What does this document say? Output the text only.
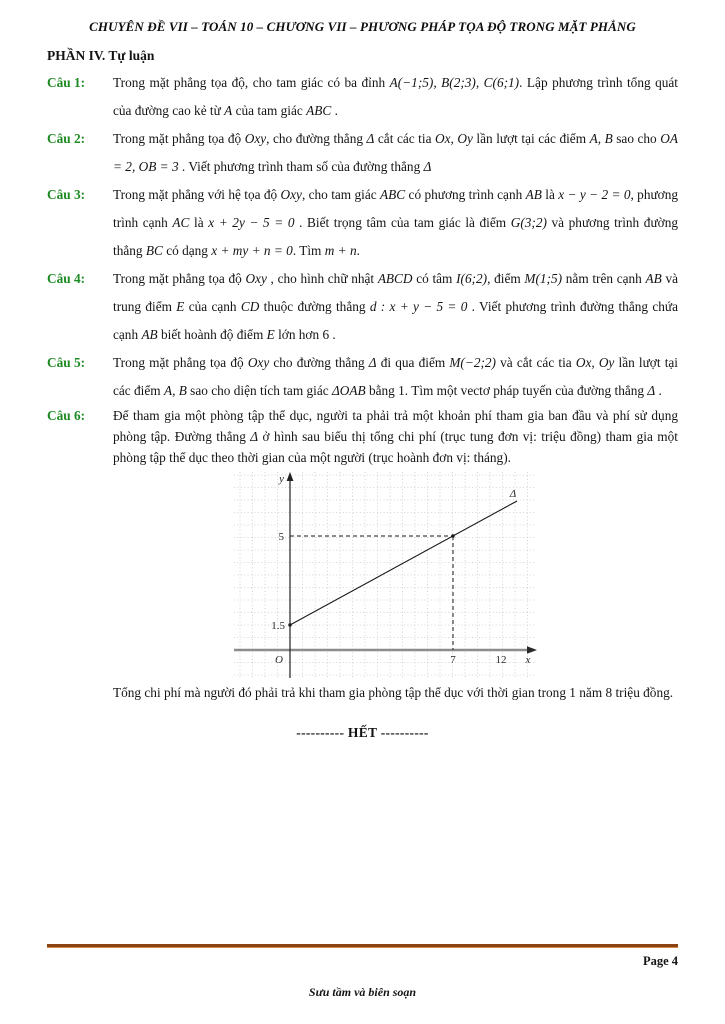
CHUYÊN ĐỀ VII – TOÁN 10 – CHƯƠNG VII – PHƯƠNG PHÁP TỌA ĐỘ TRONG MẶT PHẲNG
PHẦN IV. Tự luận
Câu 1:	Trong mặt phẳng tọa độ, cho tam giác có ba đỉnh A(−1;5), B(2;3), C(6;1). Lập phương trình tổng quát của đường cao kẻ từ A của tam giác ABC .
Câu 2:	Trong mặt phẳng tọa độ Oxy, cho đường thẳng Δ cắt các tia Ox, Oy lần lượt tại các điểm A, B sao cho OA = 2, OB = 3 . Viết phương trình tham số của đường thẳng Δ
Câu 3:	Trong mặt phẳng với hệ tọa độ Oxy, cho tam giác ABC có phương trình cạnh AB là x − y − 2 = 0, phương trình cạnh AC là x + 2y − 5 = 0 . Biết trọng tâm của tam giác là điểm G(3;2) và phương trình đường thẳng BC có dạng x + my + n = 0. Tìm m + n.
Câu 4:	Trong mặt phẳng tọa độ Oxy , cho hình chữ nhật ABCD có tâm I(6;2), điểm M(1;5) nằm trên cạnh AB và trung điểm E của cạnh CD thuộc đường thẳng d : x + y − 5 = 0 . Viết phương trình đường thẳng chứa cạnh AB biết hoành độ điểm E lớn hơn 6 .
Câu 5:	Trong mặt phẳng tọa độ Oxy cho đường thẳng Δ đi qua điểm M(−2;2) và cắt các tia Ox, Oy lần lượt tại các điểm A, B sao cho diện tích tam giác ΔOAB bằng 1. Tìm một vectơ pháp tuyến của đường thẳng Δ .
Câu 6:	Để tham gia một phòng tập thể dục, người ta phải trả một khoản phí tham gia ban đầu và phí sử dụng phòng tập. Đường thẳng Δ ở hình sau biểu thị tổng chi phí (trục tung đơn vị: triệu đồng) tham gia một phòng tập thể dục theo thời gian của một người (trục hoành đơn vị: tháng).
y
5
1.5
O	7	12 x
Δ
Tổng chi phí mà người đó phải trả khi tham gia phòng tập thể dục với thời gian trong 1 năm 8 triệu đồng.
---------- HẾT ----------
Page 4
Sưu tầm và biên soạn
